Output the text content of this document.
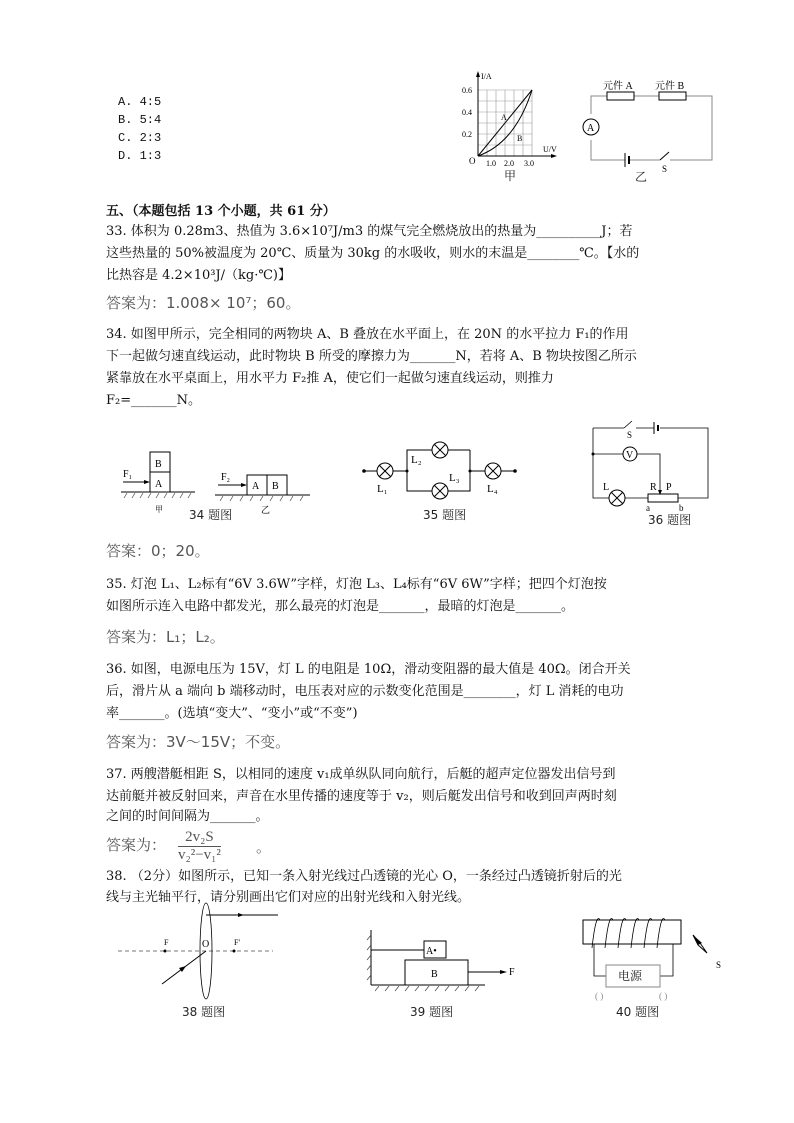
A. 4:5
B. 5:4
C. 2:3
D. 1:3
I/A
U/V
O
0.6
0.4
0.2
1.0 2.0 3.0
A
B
甲
A
元件 A 元件 B
S
乙
五、（本题包括 13 个小题，共 61 分）
33. 体积为 0.28m3、热值为 3.6×10⁷J/m3 的煤气完全燃烧放出的热量为__________J；若
这些热量的 50%被温度为 20℃、质量为 30kg 的水吸收，则水的末温是________℃。【水的
比热容是 4.2×10³J/（kg·℃)】
答案为：1.008× 10⁷；60。
34. 如图甲所示，完全相同的两物块 A、B 叠放在水平面上，在 20N 的水平拉力 F₁的作用
下一起做匀速直线运动，此时物块 B 所受的摩擦力为_______N，若将 A、B 物块按图乙所示
紧靠放在水平桌面上，用水平力 F₂推 A，使它们一起做匀速直线运动，则推力
F₂=_______N。
B
A
F₁
A B
F₂
甲	乙
34 题图
L₁
L₂
L₃
L₄
35 题图
S
V
L	R P
a	b
36 题图
答案：0；20。
35. 灯泡 L₁、L₂标有“6V 3.6W”字样，灯泡 L₃、L₄标有“6V 6W”字样；把四个灯泡按
如图所示连入电路中都发光，那么最亮的灯泡是_______，最暗的灯泡是_______。
答案为：L₁；L₂。
36. 如图，电源电压为 15V，灯 L 的电阻是 10Ω，滑动变阻器的最大值是 40Ω。闭合开关
后，滑片从 a 端向 b 端移动时，电压表对应的示数变化范围是________，灯 L 消耗的电功
率_______。(选填“变大”、“变小”或“不变”)
答案为：3V～15V；不变。
37. 两艘潜艇相距 S，以相同的速度 v₁成单纵队同向航行，后艇的超声定位器发出信号到
达前艇并被反射回来，声音在水里传播的速度等于 v₂，则后艇发出信号和收到回声两时刻
之间的时间间隔为_______。
答案为： $\frac{\text{2v₂S}}{\text{v₂²−v₁²}}$ 。
38. （2分）如图所示，已知一条入射光线过凸透镜的光心 O，一条经过凸透镜折射后的光
线与主光轴平行，请分别画出它们对应的出射光线和入射光线。
F	O	F'
38 题图
A•
B	F
39 题图
电源
( )	( )
S
40 题图
